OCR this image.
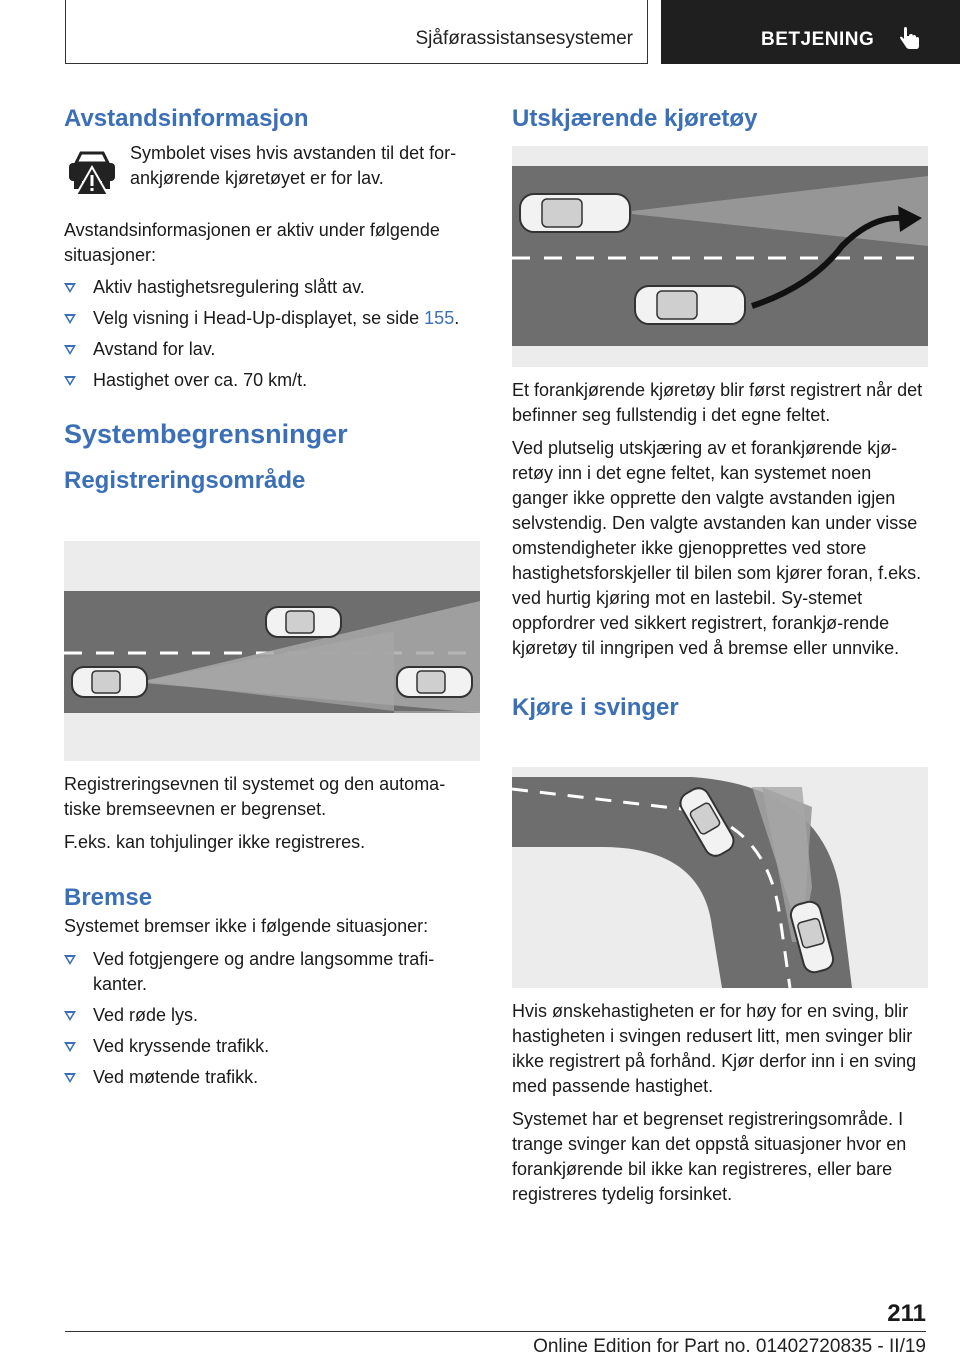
Sjåførassistansesystemer	BETJENING
Avstandsinformasjon

Symbolet vises hvis avstanden til det for-ankjørende kjøretøyet er for lav.

Avstandsinformasjonen er aktiv under følgende situasjoner:

Aktiv hastighetsregulering slått av.
Velg visning i Head-Up-displayet, se side 155.
Avstand for lav.
Hastighet over ca. 70 km/t.
Systembegrensninger
Registreringsområde

Registreringsevnen til systemet og den automa-tiske bremseevnen er begrenset.

F.eks. kan tohjulinger ikke registreres.

Bremse

Systemet bremser ikke i følgende situasjoner:

Ved fotgjengere og andre langsomme trafi-kanter.
Ved røde lys.
Ved kryssende trafikk.
Ved møtende trafikk.
Utskjærende kjøretøy

Et forankjørende kjøretøy blir først registrert når det befinner seg fullstendig i det egne feltet.

Ved plutselig utskjæring av et forankjørende kjø-retøy inn i det egne feltet, kan systemet noen ganger ikke opprette den valgte avstanden igjen selvstendig. Den valgte avstanden kan under visse omstendigheter ikke gjenopprettes ved store hastighetsforskjeller til bilen som kjører foran, f.eks. ved hurtig kjøring mot en lastebil. Sy-stemet oppfordrer ved sikkert registrert, forankjø-rende kjøretøy til inngripen ved å bremse eller unnvike.

Kjøre i svinger

Hvis ønskehastigheten er for høy for en sving, blir hastigheten i svingen redusert litt, men svinger blir ikke registrert på forhånd. Kjør derfor inn i en sving med passende hastighet.

Systemet har et begrenset registreringsområde. I trange svinger kan det oppstå situasjoner hvor en forankjørende bil ikke kan registreres, eller bare registreres tydelig forsinket.

211
Online Edition for Part no. 01402720835 - II/19
